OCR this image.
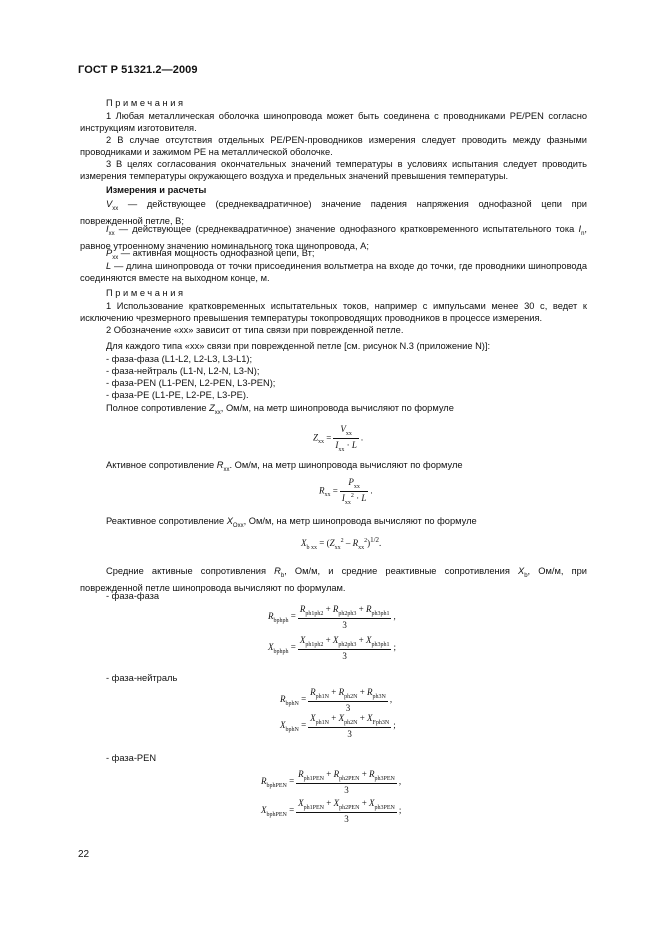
ГОСТ Р 51321.2—2009

Примечания

1 Любая металлическая оболочка шинопровода может быть соединена с проводниками PE/PEN согласно инструкциям изготовителя.

2 В случае отсутствия отдельных PE/PEN-проводников измерения следует проводить между фазными проводниками и зажимом PE на металлической оболочке.

3 В целях согласования окончательных значений температуры в условиях испытания следует проводить измерения температуры окружающего воздуха и предельных значений превышения температуры.

Измерения и расчеты

$V_{xx}$ — действующее (среднеквадратичное) значение падения напряжения однофазной цепи при поврежденной петле, В;

$I_{xx}$ — действующее (среднеквадратичное) значение однофазного кратковременного испытательного тока $I_n$, равное утроенному значению номинального тока шинопровода, А;

$P_{xx}$ — активная мощность однофазной цепи, Вт;

L — длина шинопровода от точки присоединения вольтметра на входе до точки, где проводники шинопровода соединяются вместе на выходном конце, м.

Примечания

1 Использование кратковременных испытательных токов, например с импульсами менее 30 с, ведет к исключению чрезмерного превышения температуры токопроводящих проводников в процессе измерения.

2 Обозначение «xx» зависит от типа связи при поврежденной петле.

Для каждого типа «xx» связи при поврежденной петле [см. рисунок N.3 (приложение N)]:

- фаза-фаза (L1-L2, L2-L3, L3-L1);

- фаза-нейтраль (L1-N, L2-N, L3-N);

- фаза-PEN (L1-PEN, L2-PEN, L3-PEN);

- фаза-PE (L1-PE, L2-PE, L3-PE).

Полное сопротивление $Z_{xx}$, Ом/м, на метр шинопровода вычисляют по формуле

$Z_{xx} = \frac{V_{xx}}{I_{xx} \cdot L}$ .

Активное сопротивление $R_{xx}$. Ом/м, на метр шинопровода вычисляют по формуле

$R_{xx} = \frac{P_{xx}}{I_{xx}^2 \cdot L}$ .

Реактивное сопротивление $X_{Oxx}$, Ом/м, на метр шинопровода вычисляют по формуле

$X_{b xx} = (Z_{xx}^2 - R_{xx}^2)^{1/2}$.

Средние активные сопротивления $R_b$, Ом/м, и средние реактивные сопротивления $X_b$, Ом/м, при поврежденной петле шинопровода вычисляют по формулам.

- фаза-фаза

$R_{bphph} = \frac{R_{ph1ph2} + R_{ph2ph3} + R_{ph3ph1}}{3}$ ,
$X_{bphph} = \frac{X_{ph1ph2} + X_{ph2ph3} + X_{ph3ph1}}{3}$ ;

- фаза-нейтраль

$R_{bphN} = \frac{R_{ph1N} + R_{ph2N} + R_{ph3N}}{3}$ ,
$X_{bphN} = \frac{X_{ph1N} + X_{ph2N} + X_{Fph3N}}{3}$ ;

- фаза-PEN

$R_{bphPEN} = \frac{R_{ph1PEN} + R_{ph2PEN} + R_{ph3PEN}}{3}$ ,
$X_{bphPEN} = \frac{X_{ph1PEN} + X_{ph2PEN} + X_{ph3PEN}}{3}$ ;
22
